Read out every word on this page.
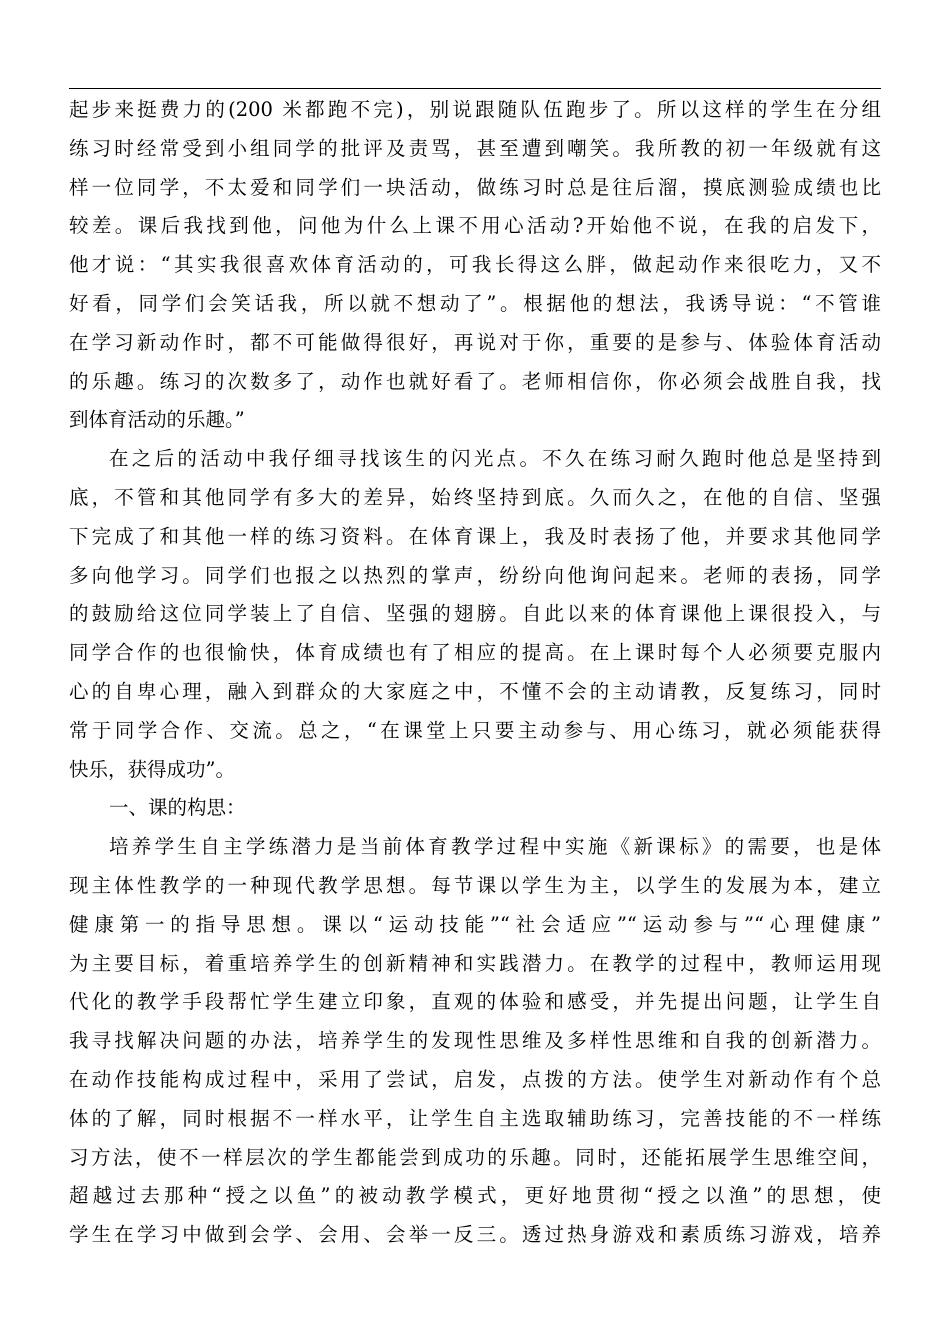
起步来挺费力的(200 米都跑不完)，别说跟随队伍跑步了。所以这样的学生在分组
练习时经常受到小组同学的批评及责骂，甚至遭到嘲笑。我所教的初一年级就有这
样一位同学，不太爱和同学们一块活动，做练习时总是往后溜，摸底测验成绩也比
较差。课后我找到他，问他为什么上课不用心活动?开始他不说，在我的启发下，
他才说：“其实我很喜欢体育活动的，可我长得这么胖，做起动作来很吃力，又不
好看，同学们会笑话我，所以就不想动了”。根据他的想法，我诱导说：“不管谁
在学习新动作时，都不可能做得很好，再说对于你，重要的是参与、体验体育活动
的乐趣。练习的次数多了，动作也就好看了。老师相信你，你必须会战胜自我，找
到体育活动的乐趣。”
在之后的活动中我仔细寻找该生的闪光点。不久在练习耐久跑时他总是坚持到
底，不管和其他同学有多大的差异，始终坚持到底。久而久之，在他的自信、坚强
下完成了和其他一样的练习资料。在体育课上，我及时表扬了他，并要求其他同学
多向他学习。同学们也报之以热烈的掌声，纷纷向他询问起来。老师的表扬，同学
的鼓励给这位同学装上了自信、坚强的翅膀。自此以来的体育课他上课很投入，与
同学合作的也很愉快，体育成绩也有了相应的提高。在上课时每个人必须要克服内
心的自卑心理，融入到群众的大家庭之中，不懂不会的主动请教，反复练习，同时
常于同学合作、交流。总之，“在课堂上只要主动参与、用心练习，就必须能获得
快乐，获得成功”。
一、课的构思：
培养学生自主学练潜力是当前体育教学过程中实施《新课标》的需要，也是体
现主体性教学的一种现代教学思想。每节课以学生为主，以学生的发展为本，建立
健康第一的指导思想。课以“运动技能”“社会适应”“运动参与”“心理健康”
为主要目标，着重培养学生的创新精神和实践潜力。在教学的过程中，教师运用现
代化的教学手段帮忙学生建立印象，直观的体验和感受，并先提出问题，让学生自
我寻找解决问题的办法，培养学生的发现性思维及多样性思维和自我的创新潜力。
在动作技能构成过程中，采用了尝试，启发，点拨的方法。使学生对新动作有个总
体的了解，同时根据不一样水平，让学生自主选取辅助练习，完善技能的不一样练
习方法，使不一样层次的学生都能尝到成功的乐趣。同时，还能拓展学生思维空间，
超越过去那种“授之以鱼”的被动教学模式，更好地贯彻“授之以渔”的思想，使
学生在学习中做到会学、会用、会举一反三。透过热身游戏和素质练习游戏，培养
